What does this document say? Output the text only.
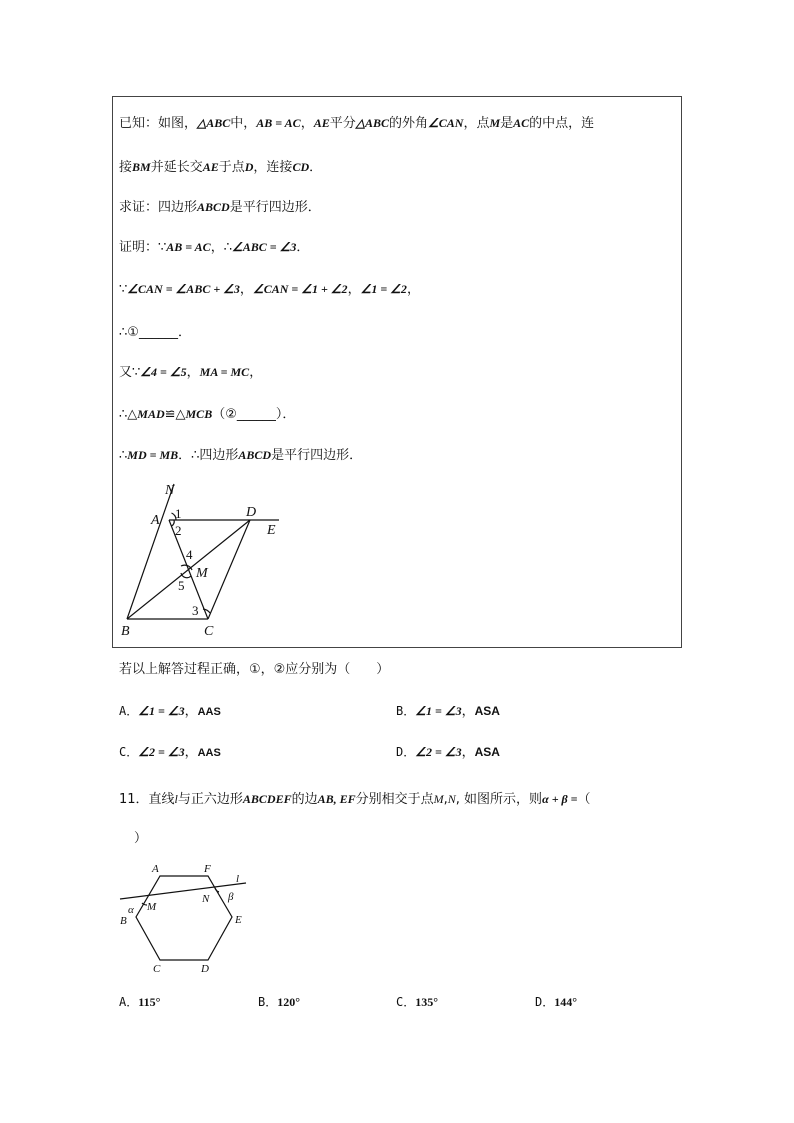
已知：如图，△ABC中，AB = AC，AE平分△ABC的外角∠CAN，点M是AC的中点，连
接BM并延长交AE于点D，连接CD．
求证：四边形ABCD是平行四边形．
证明：∵AB = AC，∴∠ABC = ∠3．
∵∠CAN = ∠ABC + ∠3，∠CAN = ∠1 + ∠2，∠1 = ∠2，
∴①______．
又∵∠4 = ∠5，MA = MC，
∴△MAD≌△MCB（②______）．
∴MD = MB．∴四边形ABCD是平行四边形．
N
A 1
2
D
E
4
M
5
3
B	C
若以上解答过程正确，①，②应分别为（　　）
A．∠1 = ∠3，AAS	B．∠1 = ∠3，ASA
C．∠2 = ∠3，AAS	D．∠2 = ∠3，ASA
11．直线l与正六边形ABCDEF的边AB, EF分别相交于点M,N, 如图所示，则α + β =（
）
A	F
l
B
M
N
α
β
E
C	D
A．115°	B．120°	C．135°	D．144°
